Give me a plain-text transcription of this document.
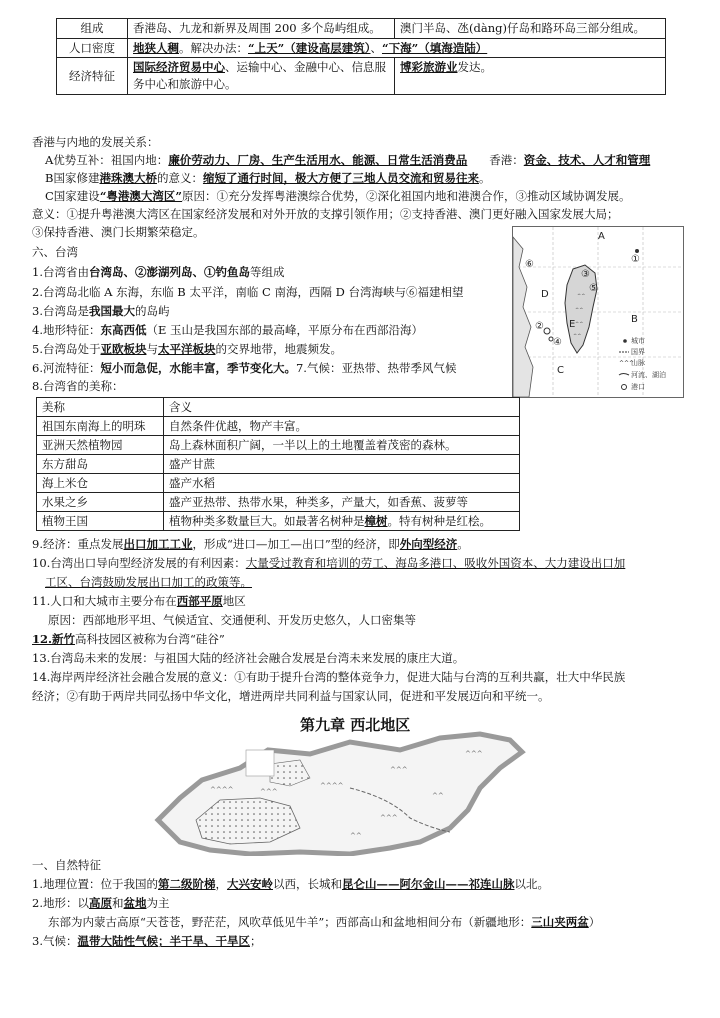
组成	香港岛、九龙和新界及周围 200 多个岛屿组成。	澳门半岛、氹(dàng)仔岛和路环岛三部分组成。
人口密度	地狭人稠。解决办法：“上天”（建设高层建筑）、“下海”（填海造陆）	
经济特征	国际经济贸易中心、运输中心、金融中心、信息服务中心和旅游中心。	博彩旅游业发达。
香港与内地的发展关系：
A优势互补：祖国内地：廉价劳动力、厂房、生产生活用水、能源、日常生活消费品      香港：资金、技术、人才和管理
B国家修建港珠澳大桥的意义：缩短了通行时间，极大方便了三地人员交流和贸易往来。
C国家建设“粤港澳大湾区”原因：①充分发挥粤港澳综合优势，②深化祖国内地和港澳合作，③推动区域协调发展。
意义：①提升粤港澳大湾区在国家经济发展和对外开放的支撑引领作用；②支持香港、澳门更好融入国家发展大局；
③保持香港、澳门长期繁荣稳定。
六、台湾
1.台湾省由台湾岛、②澎湖列岛、①钓鱼岛等组成
2.台湾岛北临 A 东海，东临 B 太平洋，南临 C 南海，西隔 D 台湾海峡与⑥福建相望
3.台湾岛是我国最大的岛屿
4.地形特征：东高西低（E 玉山是我国东部的最高峰，平原分布在西部沿海）
5.台湾岛处于亚欧板块与太平洋板块的交界地带，地震频发。
6.河流特征：短小而急促，水能丰富，季节变化大。7.气候：亚热带、热带季风气候
8.台湾省的美称：
^^
^^
^^
^^
A
B
C
D
E
①
②
③
④
⑤
⑥
城市
国界
^^^
山脉
河流、湖泊
港口
美称	含义
祖国东南海上的明珠	自然条件优越，物产丰富。
亚洲天然植物园	岛上森林面积广阔，一半以上的土地覆盖着茂密的森林。
东方甜岛	盛产甘蔗
海上米仓	盛产水稻
水果之乡	盛产亚热带、热带水果，种类多，产量大，如香蕉、菠萝等
植物王国	植物种类多数量巨大。如最著名树种是樟树。特有树种是红桧。
9.经济：重点发展出口加工工业，形成“进口—加工—出口”型的经济，即外向型经济。
10.台湾出口导向型经济发展的有利因素：大量受过教育和培训的劳工、海岛多港口、吸收外国资本、大力建设出口加
工区、台湾鼓励发展出口加工的政策等。
11.人口和大城市主要分布在西部平原地区
原因：西部地形平坦、气候适宜、交通便利、开发历史悠久，人口密集等
12.新竹高科技园区被称为台湾“硅谷”
13.台湾岛未来的发展：与祖国大陆的经济社会融合发展是台湾未来发展的康庄大道。
14.海岸两岸经济社会融合发展的意义：①有助于提升台湾的整体竞争力，促进大陆与台湾的互利共赢，壮大中华民族
经济；②有助于两岸共同弘扬中华文化，增进两岸共同利益与国家认同，促进和平发展迈向和平统一。
第九章 西北地区
^^^^	^^^
^^^^
^^^
^^
^^^
^^^
^^
一、自然特征
1.地理位置：位于我国的第二级阶梯，大兴安岭以西，长城和昆仑山——阿尔金山——祁连山脉以北。
2.地形：以高原和盆地为主
东部为内蒙古高原“天苍苍，野茫茫，风吹草低见牛羊”；西部高山和盆地相间分布（新疆地形：三山夹两盆）
3.气候：温带大陆性气候；半干旱、干旱区；
